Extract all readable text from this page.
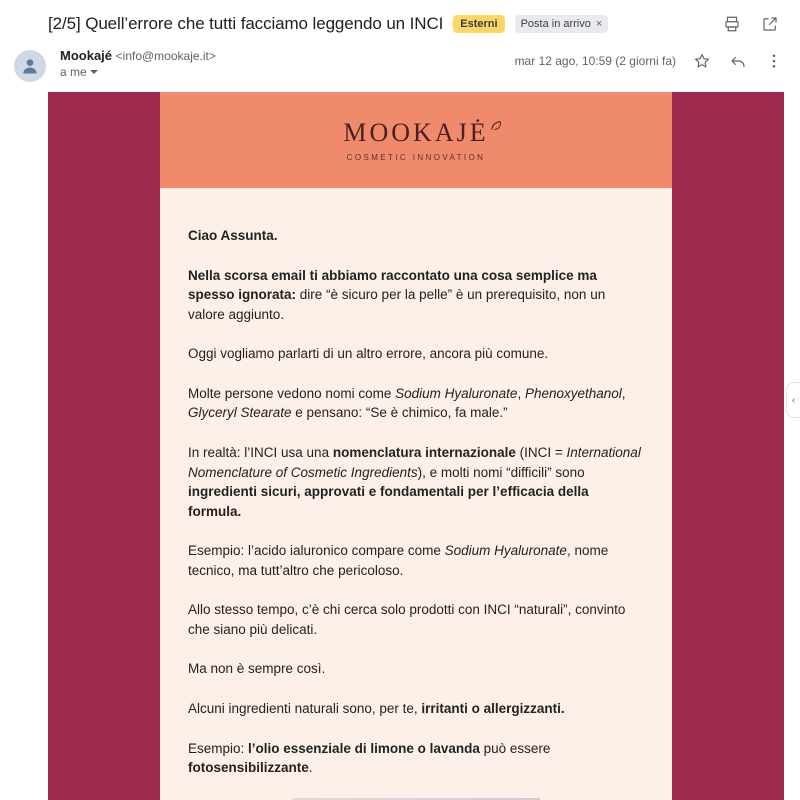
[2/5] Quell’errore che tutti facciamo leggendo un INCI	Esterni	Posta in arrivo ×
Mookajé <info@mookaje.it>
a me
mar 12 ago, 10:59 (2 giorni fa)
MOOKAJĖ
COSMETIC INNOVATION

Ciao Assunta.

Nella scorsa email ti abbiamo raccontato una cosa semplice ma spesso ignorata: dire “è sicuro per la pelle” è un prerequisito, non un valore aggiunto.

Oggi vogliamo parlarti di un altro errore, ancora più comune.

Molte persone vedono nomi come Sodium Hyaluronate, Phenoxyethanol, Glyceryl Stearate e pensano: “Se è chimico, fa male.”

In realtà: l’INCI usa una nomenclatura internazionale (INCI = International Nomenclature of Cosmetic Ingredients), e molti nomi “difficili” sono ingredienti sicuri, approvati e fondamentali per l’efficacia della formula.

Esempio: l’acido ialuronico compare come Sodium Hyaluronate, nome tecnico, ma tutt’altro che pericoloso.

Allo stesso tempo, c’è chi cerca solo prodotti con INCI “naturali”, convinto che siano più delicati.

Ma non è sempre così.

Alcuni ingredienti naturali sono, per te, irritanti o allergizzanti.

Esempio: l’olio essenziale di limone o lavanda può essere fotosensibilizzante.

‹
